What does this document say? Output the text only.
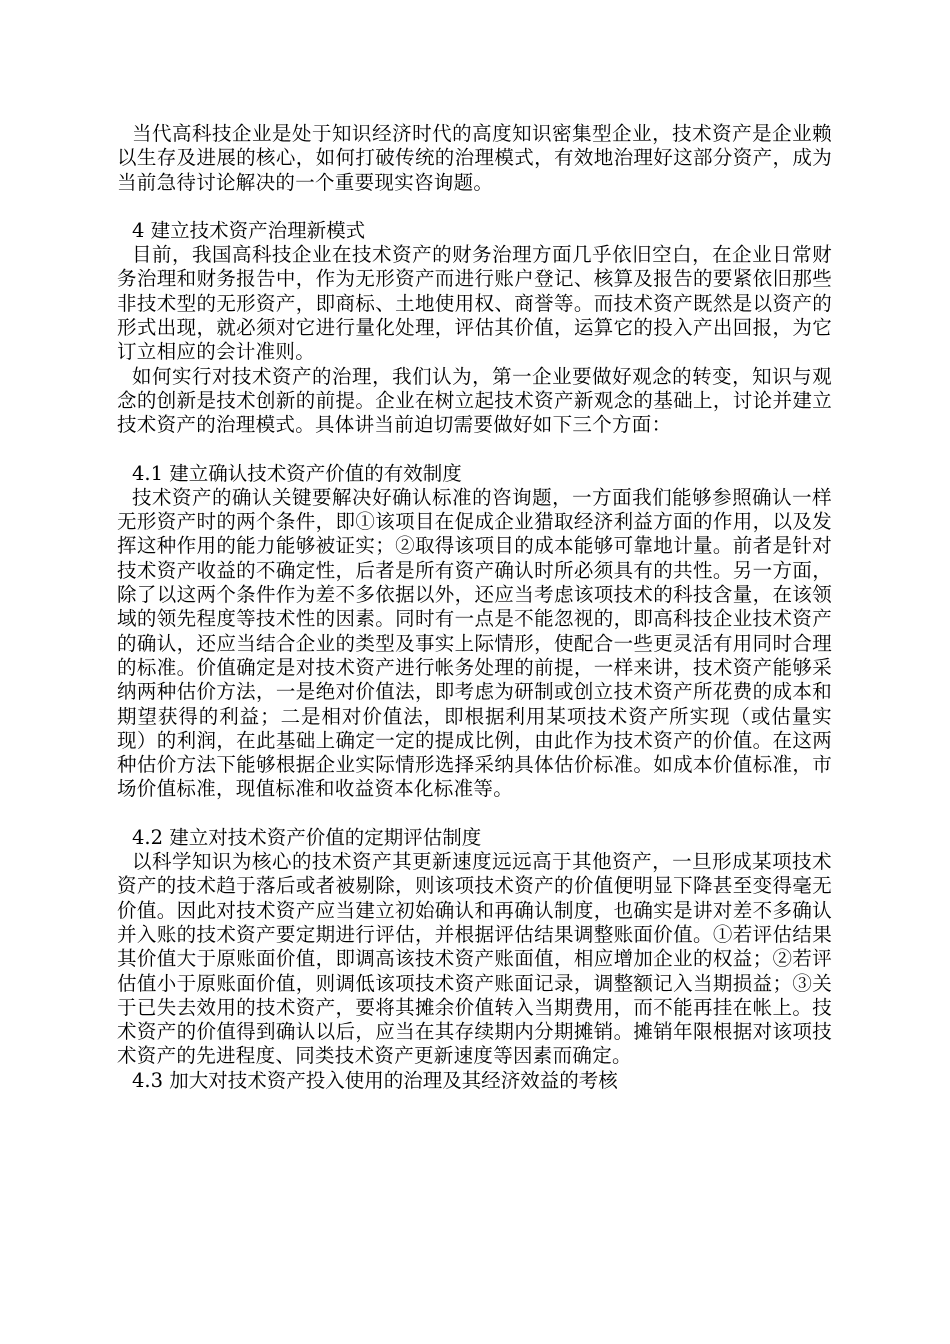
当代高科技企业是处于知识经济时代的高度知识密集型企业，技术资产是企业赖以生存及进展的核心，如何打破传统的治理模式，有效地治理好这部分资产，成为当前急待讨论解决的一个重要现实咨询题。

4 建立技术资产治理新模式

目前，我国高科技企业在技术资产的财务治理方面几乎依旧空白，在企业日常财务治理和财务报告中，作为无形资产而进行账户登记、核算及报告的要紧依旧那些非技术型的无形资产，即商标、土地使用权、商誉等。而技术资产既然是以资产的形式出现，就必须对它进行量化处理，评估其价值，运算它的投入产出回报，为它订立相应的会计准则。

如何实行对技术资产的治理，我们认为，第一企业要做好观念的转变，知识与观念的创新是技术创新的前提。企业在树立起技术资产新观念的基础上，讨论并建立技术资产的治理模式。具体讲当前迫切需要做好如下三个方面：

4.1 建立确认技术资产价值的有效制度

技术资产的确认关键要解决好确认标准的咨询题，一方面我们能够参照确认一样无形资产时的两个条件，即①该项目在促成企业猎取经济利益方面的作用，以及发挥这种作用的能力能够被证实；②取得该项目的成本能够可靠地计量。前者是针对技术资产收益的不确定性，后者是所有资产确认时所必须具有的共性。另一方面，除了以这两个条件作为差不多依据以外，还应当考虑该项技术的科技含量，在该领域的领先程度等技术性的因素。同时有一点是不能忽视的，即高科技企业技术资产的确认，还应当结合企业的类型及事实上际情形，使配合一些更灵活有用同时合理的标准。价值确定是对技术资产进行帐务处理的前提，一样来讲，技术资产能够采纳两种估价方法，一是绝对价值法，即考虑为研制或创立技术资产所花费的成本和期望获得的利益；二是相对价值法，即根据利用某项技术资产所实现（或估量实现）的利润，在此基础上确定一定的提成比例，由此作为技术资产的价值。在这两种估价方法下能够根据企业实际情形选择采纳具体估价标准。如成本价值标准，市场价值标准，现值标准和收益资本化标准等。

4.2 建立对技术资产价值的定期评估制度

以科学知识为核心的技术资产其更新速度远远高于其他资产，一旦形成某项技术资产的技术趋于落后或者被剔除，则该项技术资产的价值便明显下降甚至变得毫无价值。因此对技术资产应当建立初始确认和再确认制度，也确实是讲对差不多确认并入账的技术资产要定期进行评估，并根据评估结果调整账面价值。①若评估结果其价值大于原账面价值，即调高该技术资产账面值，相应增加企业的权益；②若评估值小于原账面价值，则调低该项技术资产账面记录，调整额记入当期损益；③关于已失去效用的技术资产，要将其摊余价值转入当期费用，而不能再挂在帐上。技术资产的价值得到确认以后，应当在其存续期内分期摊销。摊销年限根据对该项技术资产的先进程度、同类技术资产更新速度等因素而确定。

4.3 加大对技术资产投入使用的治理及其经济效益的考核
